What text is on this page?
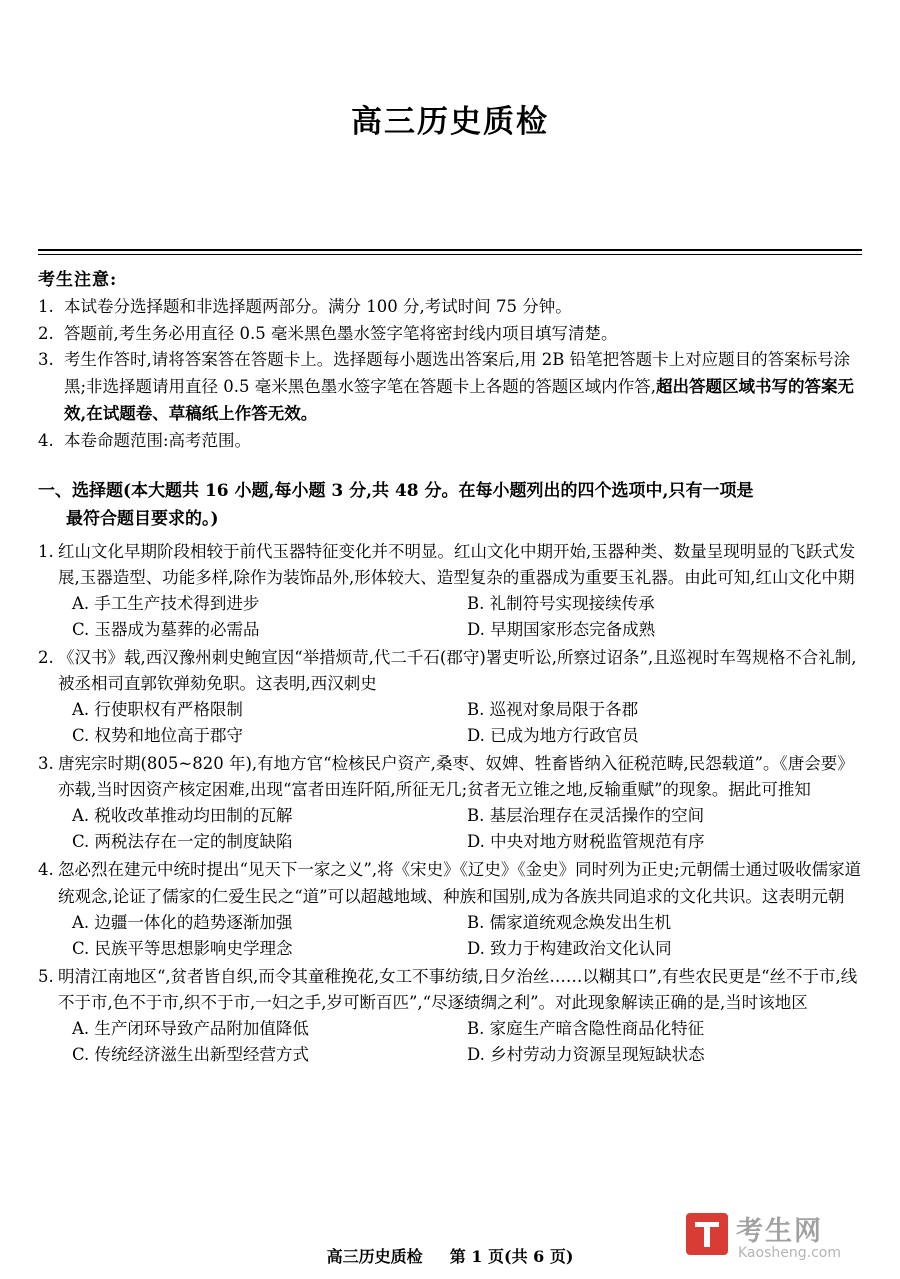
高三历史质检
考生注意:
1. 本试卷分选择题和非选择题两部分。满分 100 分,考试时间 75 分钟。
2. 答题前,考生务必用直径 0.5 毫米黑色墨水签字笔将密封线内项目填写清楚。
3. 考生作答时,请将答案答在答题卡上。选择题每小题选出答案后,用 2B 铅笔把答题卡上对应题目的答案标号涂黑;非选择题请用直径 0.5 毫米黑色墨水签字笔在答题卡上各题的答题区域内作答,超出答题区域书写的答案无效,在试题卷、草稿纸上作答无效。
4. 本卷命题范围:高考范围。
一、选择题(本大题共 16 小题,每小题 3 分,共 48 分。在每小题列出的四个选项中,只有一项是
最符合题目要求的。)
1. 红山文化早期阶段相较于前代玉器特征变化并不明显。红山文化中期开始,玉器种类、数量呈现明显的飞跃式发展,玉器造型、功能多样,除作为装饰品外,形体较大、造型复杂的重器成为重要玉礼器。由此可知,红山文化中期
A. 手工生产技术得到进步	B. 礼制符号实现接续传承
C. 玉器成为墓葬的必需品	D. 早期国家形态完备成熟
2. 《汉书》载,西汉豫州刺史鲍宣因“举措烦苛,代二千石(郡守)署吏听讼,所察过诏条”,且巡视时车驾规格不合礼制,被丞相司直郭钦弹劾免职。这表明,西汉刺史
A. 行使职权有严格限制	B. 巡视对象局限于各郡
C. 权势和地位高于郡守	D. 已成为地方行政官员
3. 唐宪宗时期(805~820 年),有地方官“检核民户资产,桑枣、奴婢、牲畜皆纳入征税范畴,民怨载道”。《唐会要》亦载,当时因资产核定困难,出现“富者田连阡陌,所征无几;贫者无立锥之地,反输重赋”的现象。据此可推知
A. 税收改革推动均田制的瓦解	B. 基层治理存在灵活操作的空间
C. 两税法存在一定的制度缺陷	D. 中央对地方财税监管规范有序
4. 忽必烈在建元中统时提出“见天下一家之义”,将《宋史》《辽史》《金史》同时列为正史;元朝儒士通过吸收儒家道统观念,论证了儒家的仁爱生民之“道”可以超越地域、种族和国别,成为各族共同追求的文化共识。这表明元朝
A. 边疆一体化的趋势逐渐加强	B. 儒家道统观念焕发出生机
C. 民族平等思想影响史学理念	D. 致力于构建政治文化认同
5. 明清江南地区“,贫者皆自织,而令其童稚挽花,女工不事纺绩,日夕治丝……以糊其口”,有些农民更是“丝不于市,线不于市,色不于市,织不于市,一妇之手,岁可断百匹”,“尽逐绩绸之利”。对此现象解读正确的是,当时该地区
A. 生产闭环导致产品附加值降低	B. 家庭生产暗含隐性商品化特征
C. 传统经济滋生出新型经营方式	D. 乡村劳动力资源呈现短缺状态
高三历史质检 第 1 页(共 6 页)
考生网
Kaosheng.com
